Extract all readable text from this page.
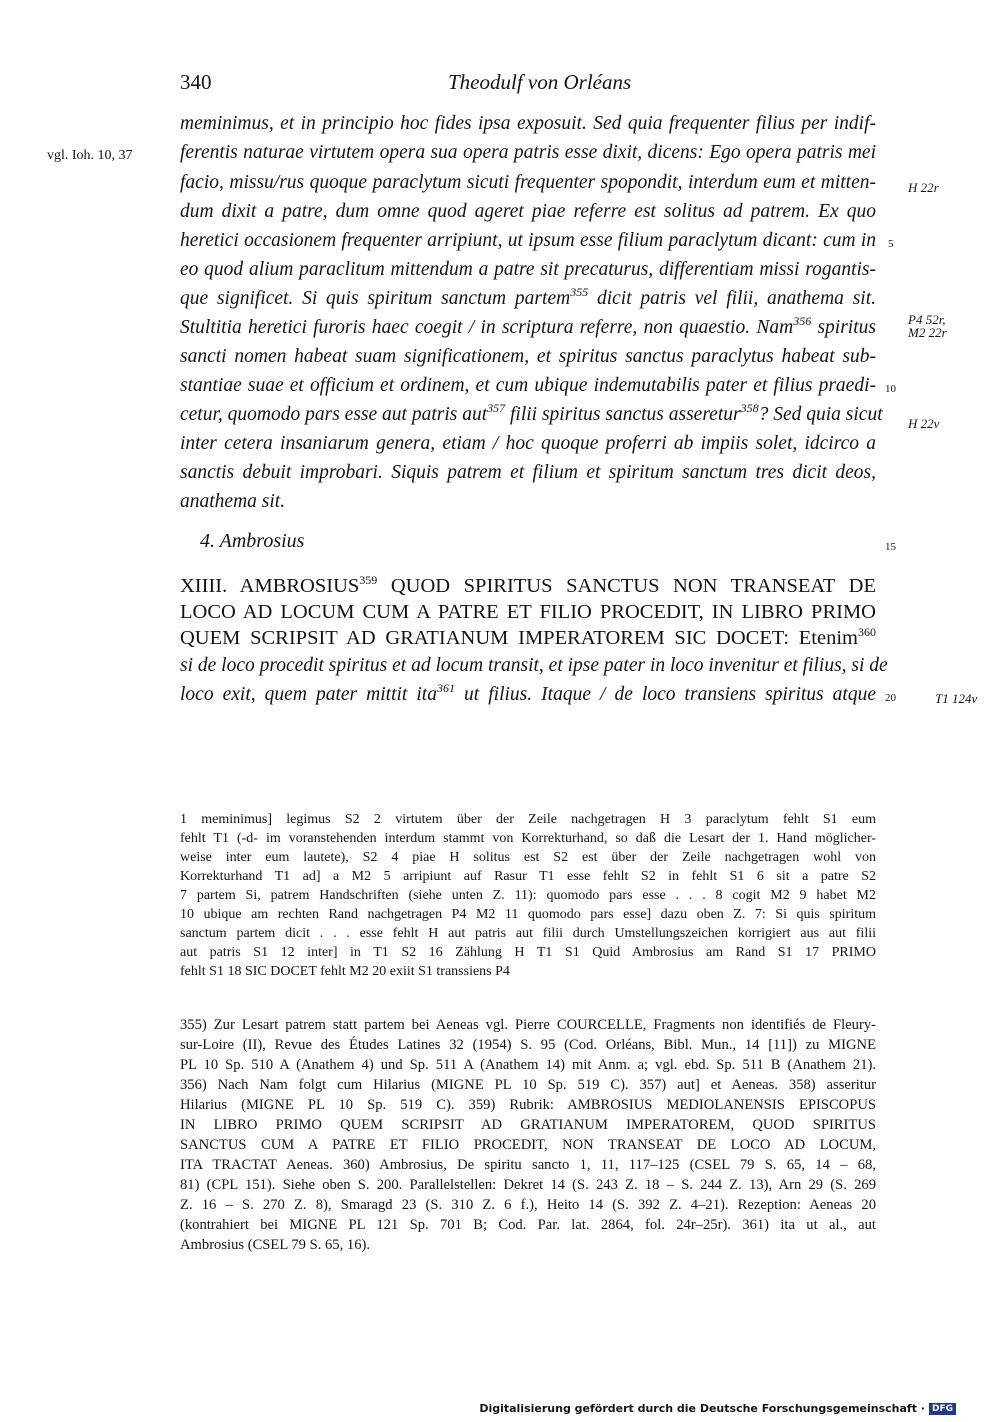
340	Theodulf von Orléans
meminimus, et in principio hoc fides ipsa exposuit. Sed quia frequenter filius per indif-
ferentis naturae virtutem opera sua opera patris esse dixit, dicens: Ego opera patris mei
facio, missu/rus quoque paraclytum sicuti frequenter spopondit, interdum eum et mitten-
dum dixit a patre, dum omne quod ageret piae referre est solitus ad patrem. Ex quo
heretici occasionem frequenter arripiunt, ut ipsum esse filium paraclytum dicant: cum in
eo quod alium paraclitum mittendum a patre sit precaturus, differentiam missi rogantis-
que significet. Si quis spiritum sanctum partem$^{355}$ dicit patris vel filii, anathema sit.
Stultitia heretici furoris haec coegit / in scriptura referre, non quaestio. Nam$^{356}$ spiritus
sancti nomen habeat suam significationem, et spiritus sanctus paraclytus habeat sub-
stantiae suae et officium et ordinem, et cum ubique indemutabilis pater et filius praedi-
cetur, quomodo pars esse aut patris aut$^{357}$ filii spiritus sanctus asseretur$^{358}$? Sed quia sicut
inter cetera insaniarum genera, etiam / hoc quoque proferri ab impiis solet, idcirco a
sanctis debuit improbari. Siquis patrem et filium et spiritum sanctum tres dicit deos,
anathema sit.
vgl. Ioh. 10, 37
H 22r
P4 52r,
M2 22r
H 22v
T1 124v
5
10
15
20
4. Ambrosius
XIIII. AMBROSIUS$^{359}$ QUOD SPIRITUS SANCTUS NON TRANSEAT DE
LOCO AD LOCUM CUM A PATRE ET FILIO PROCEDIT, IN LIBRO PRIMO
QUEM SCRIPSIT AD GRATIANUM IMPERATOREM SIC DOCET: Etenim$^{360}$
si de loco procedit spiritus et ad locum transit, et ipse pater in loco invenitur et filius, si de
loco exit, quem pater mittit ita$^{361}$ ut filius. Itaque / de loco transiens spiritus atque
1 meminimus] legimus S2 2 virtutem über der Zeile nachgetragen H 3 paraclytum fehlt S1 eum
fehlt T1 (-d- im voranstehenden interdum stammt von Korrekturhand, so daß die Lesart der 1. Hand möglicher-
weise inter eum lautete), S2 4 piae H solitus est S2 est über der Zeile nachgetragen wohl von
Korrekturhand T1 ad] a M2 5 arripiunt auf Rasur T1 esse fehlt S2 in fehlt S1 6 sit a patre S2
7 partem Si, patrem Handschriften (siehe unten Z. 11): quomodo pars esse . . . 8 cogit M2 9 habet M2
10 ubique am rechten Rand nachgetragen P4 M2 11 quomodo pars esse] dazu oben Z. 7: Si quis spiritum
sanctum partem dicit . . . esse fehlt H aut patris aut filii durch Umstellungszeichen korrigiert aus aut filii
aut patris S1 12 inter] in T1 S2 16 Zählung H T1 S1 Quid Ambrosius am Rand S1 17 PRIMO
fehlt S1 18 SIC DOCET fehlt M2 20 exiit S1 transsiens P4
355) Zur Lesart patrem statt partem bei Aeneas vgl. Pierre COURCELLE, Fragments non identifiés de Fleury-
sur-Loire (II), Revue des Études Latines 32 (1954) S. 95 (Cod. Orléans, Bibl. Mun., 14 [11]) zu MIGNE
PL 10 Sp. 510 A (Anathem 4) und Sp. 511 A (Anathem 14) mit Anm. a; vgl. ebd. Sp. 511 B (Anathem 21).
356) Nach Nam folgt cum Hilarius (MIGNE PL 10 Sp. 519 C). 357) aut] et Aeneas. 358) asseritur
Hilarius (MIGNE PL 10 Sp. 519 C). 359) Rubrik: AMBROSIUS MEDIOLANENSIS EPISCOPUS
IN LIBRO PRIMO QUEM SCRIPSIT AD GRATIANUM IMPERATOREM, QUOD SPIRITUS
SANCTUS CUM A PATRE ET FILIO PROCEDIT, NON TRANSEAT DE LOCO AD LOCUM,
ITA TRACTAT Aeneas. 360) Ambrosius, De spiritu sancto 1, 11, 117–125 (CSEL 79 S. 65, 14 – 68,
81) (CPL 151). Siehe oben S. 200. Parallelstellen: Dekret 14 (S. 243 Z. 18 – S. 244 Z. 13), Arn 29 (S. 269
Z. 16 – S. 270 Z. 8), Smaragd 23 (S. 310 Z. 6 f.), Heito 14 (S. 392 Z. 4–21). Rezeption: Aeneas 20
(kontrahiert bei MIGNE PL 121 Sp. 701 B; Cod. Par. lat. 2864, fol. 24r–25r). 361) ita ut al., aut
Ambrosius (CSEL 79 S. 65, 16).
Digitalisierung gefördert durch die Deutsche Forschungsgemeinschaft · DFG
